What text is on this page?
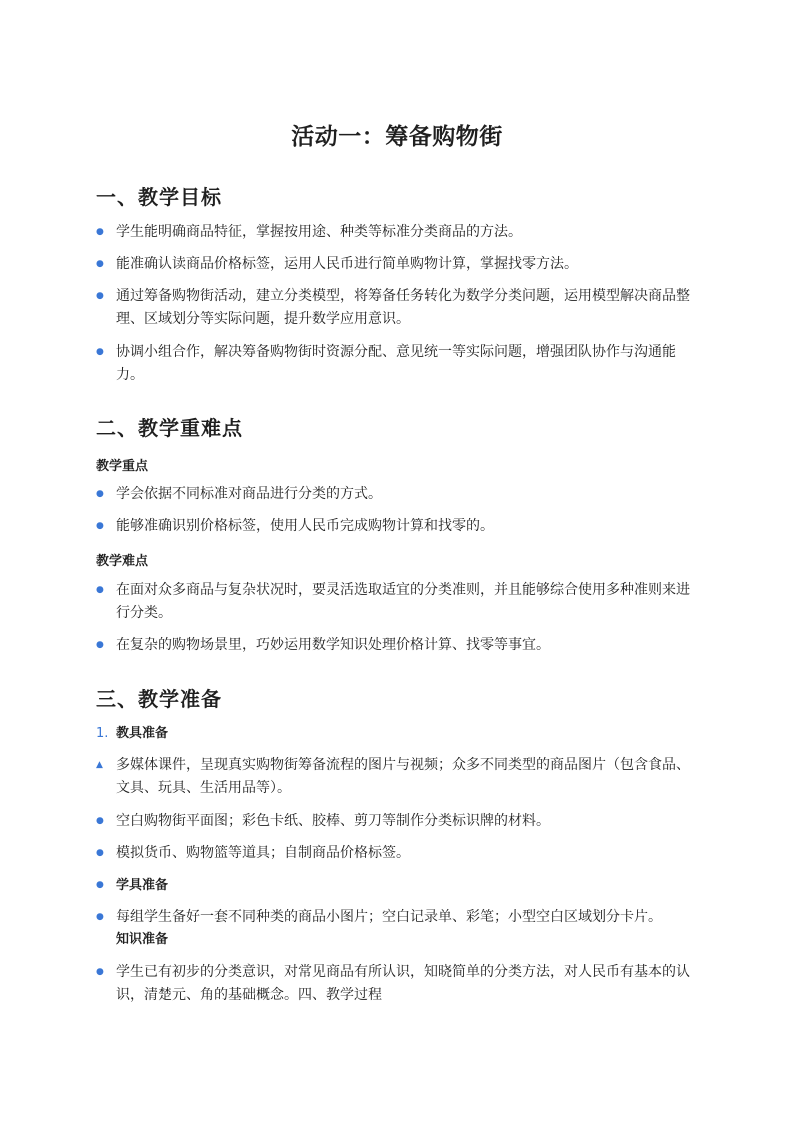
活动一：筹备购物街
一、教学目标
● 学生能明确商品特征，掌握按用途、种类等标准分类商品的方法。
● 能准确认读商品价格标签，运用人民币进行简单购物计算，掌握找零方法。
● 通过筹备购物街活动，建立分类模型，将筹备任务转化为数学分类问题，运用模型解决商品整理、区域划分等实际问题，提升数学应用意识。
● 协调小组合作，解决筹备购物街时资源分配、意见统一等实际问题，增强团队协作与沟通能力。
二、教学重难点
教学重点
● 学会依据不同标准对商品进行分类的方式。
● 能够准确识别价格标签，使用人民币完成购物计算和找零的。
教学难点
● 在面对众多商品与复杂状况时，要灵活选取适宜的分类准则，并且能够综合使用多种准则来进行分类。
● 在复杂的购物场景里，巧妙运用数学知识处理价格计算、找零等事宜。
三、教学准备
1. 教具准备
▲ 多媒体课件，呈现真实购物街筹备流程的图片与视频；众多不同类型的商品图片（包含食品、文具、玩具、生活用品等）。
● 空白购物街平面图；彩色卡纸、胶棒、剪刀等制作分类标识牌的材料。
● 模拟货币、购物篮等道具；自制商品价格标签。
● 学具准备
● 每组学生备好一套不同种类的商品小图片；空白记录单、彩笔；小型空白区域划分卡片。
知识准备
● 学生已有初步的分类意识，对常见商品有所认识，知晓简单的分类方法，对人民币有基本的认识，清楚元、角的基础概念。四、教学过程
